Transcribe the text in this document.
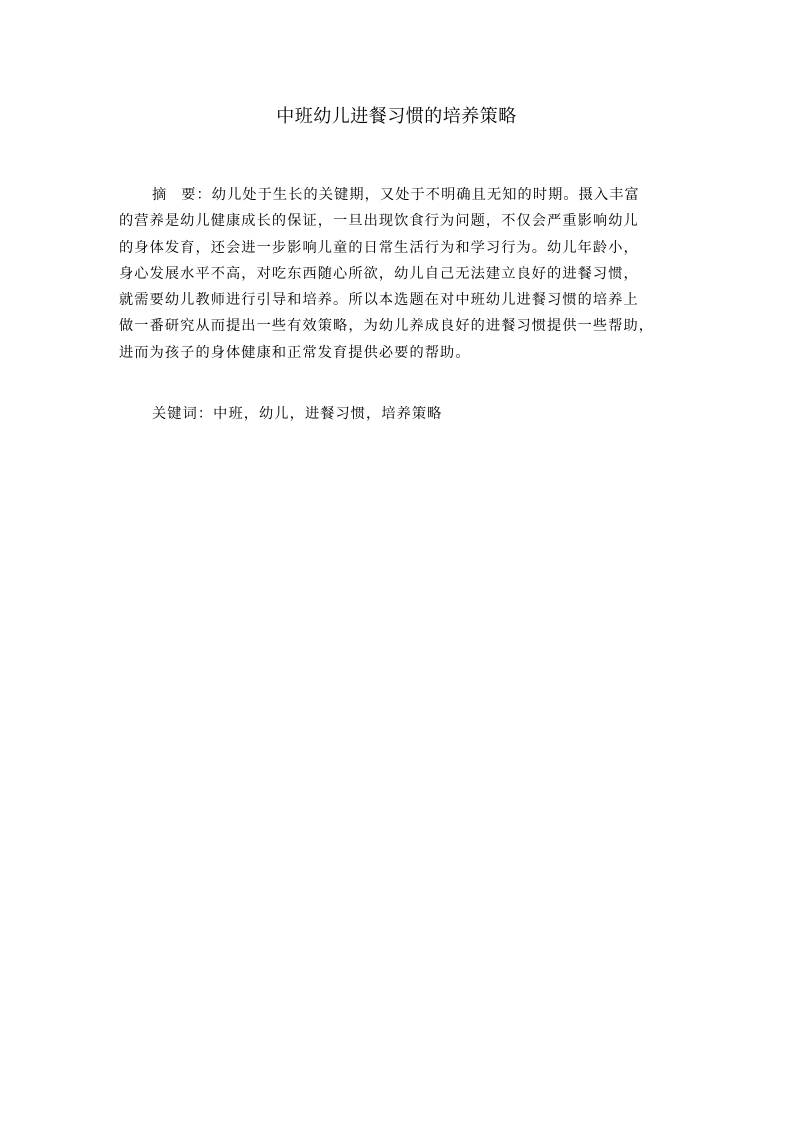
中班幼儿进餐习惯的培养策略
摘要：幼儿处于生长的关键期，又处于不明确且无知的时期。摄入丰富
的营养是幼儿健康成长的保证，一旦出现饮食行为问题，不仅会严重影响幼儿
的身体发育，还会进一步影响儿童的日常生活行为和学习行为。幼儿年龄小，
身心发展水平不高，对吃东西随心所欲，幼儿自己无法建立良好的进餐习惯，
就需要幼儿教师进行引导和培养。所以本选题在对中班幼儿进餐习惯的培养上
做一番研究从而提出一些有效策略，为幼儿养成良好的进餐习惯提供一些帮助，
进而为孩子的身体健康和正常发育提供必要的帮助。
关键词：中班，幼儿，进餐习惯，培养策略
